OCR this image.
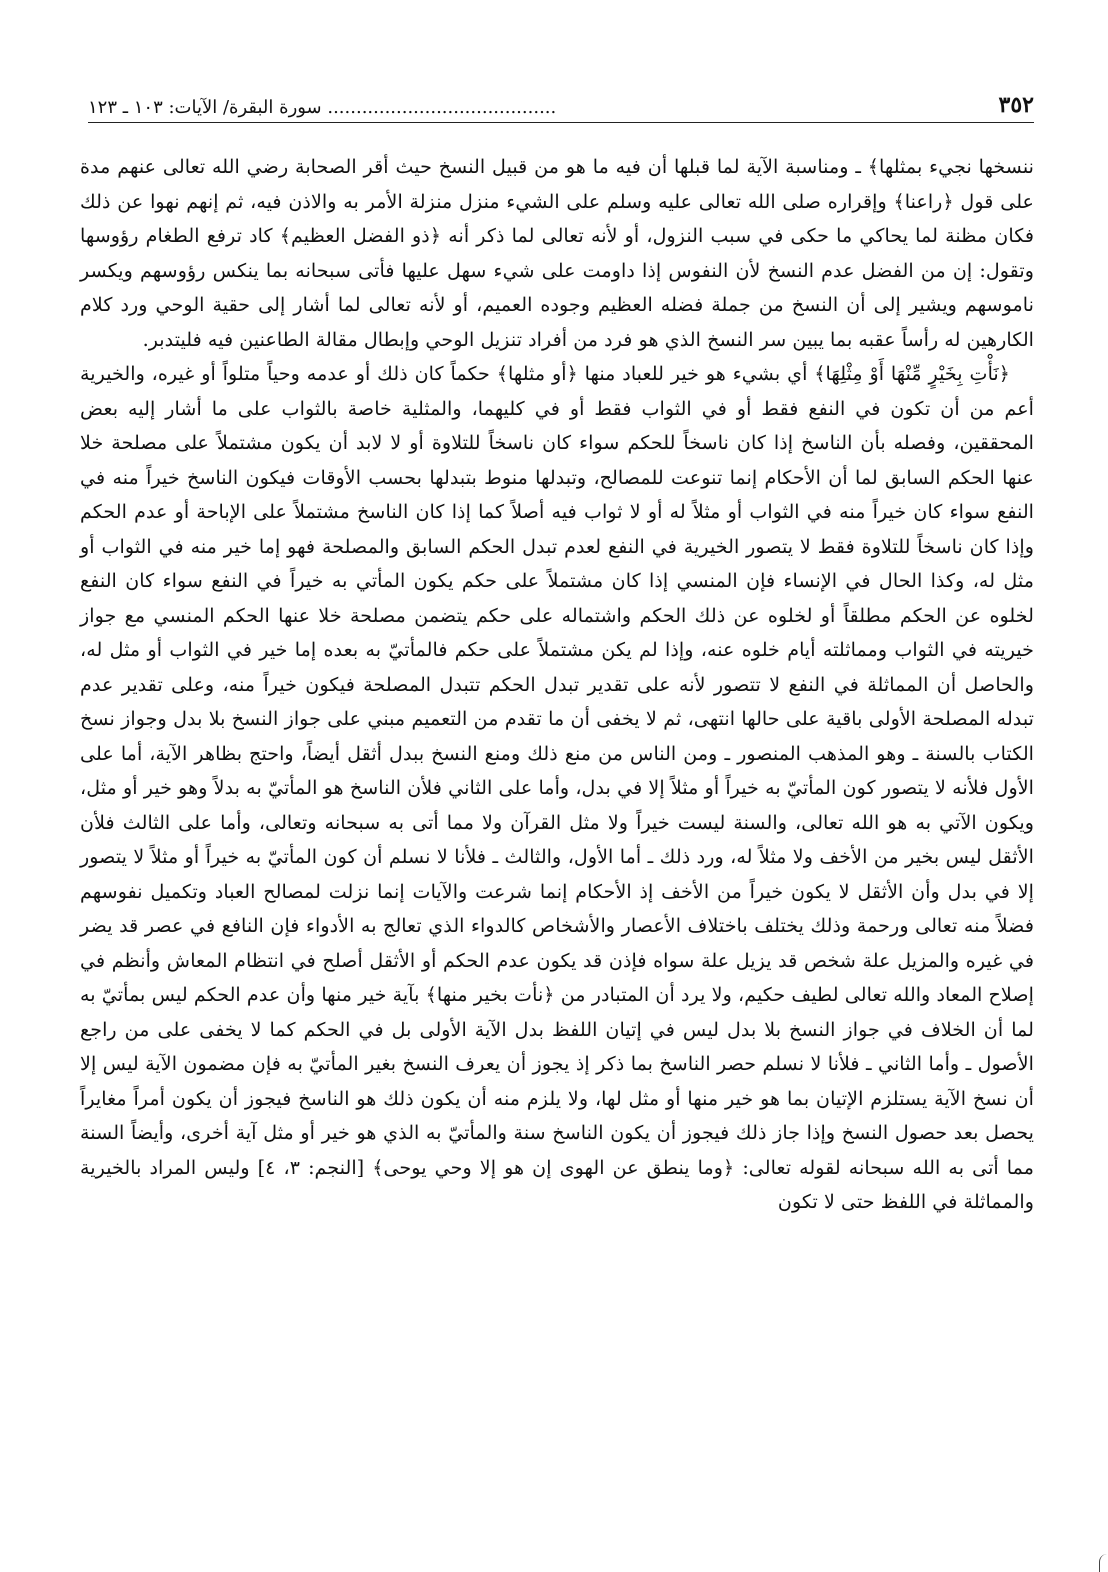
٣٥٢
........................................ سورة البقرة/ الآيات: ١٠٣ ـ ١٢٣

ننسخها نجيء بمثلها﴾ ـ ومناسبة الآية لما قبلها أن فيه ما هو من قبيل النسخ حيث أقر الصحابة رضي الله تعالى عنهم مدة على قول ﴿راعنا﴾ وإقراره صلى الله تعالى عليه وسلم على الشيء منزل منزلة الأمر به والاذن فيه، ثم إنهم نهوا عن ذلك فكان مظنة لما يحاكي ما حكى في سبب النزول، أو لأنه تعالى لما ذكر أنه ﴿ذو الفضل العظيم﴾ كاد ترفع الطغام رؤوسها وتقول: إن من الفضل عدم النسخ لأن النفوس إذا داومت على شيء سهل عليها فأتى سبحانه بما ينكس رؤوسهم ويكسر ناموسهم ويشير إلى أن النسخ من جملة فضله العظيم وجوده العميم، أو لأنه تعالى لما أشار إلى حقية الوحي ورد كلام الكارهين له رأساً عقبه بما يبين سر النسخ الذي هو فرد من أفراد تنزيل الوحي وإبطال مقالة الطاعنين فيه فليتدبر.

﴿نَأْتِ بِخَيْرٍ مِّنْهَا أَوْ مِثْلِهَا﴾ أي بشيء هو خير للعباد منها ﴿أو مثلها﴾ حكماً كان ذلك أو عدمه وحياً متلواً أو غيره، والخيرية أعم من أن تكون في النفع فقط أو في الثواب فقط أو في كليهما، والمثلية خاصة بالثواب على ما أشار إليه بعض المحققين، وفصله بأن الناسخ إذا كان ناسخاً للحكم سواء كان ناسخاً للتلاوة أو لا لابد أن يكون مشتملاً على مصلحة خلا عنها الحكم السابق لما أن الأحكام إنما تنوعت للمصالح، وتبدلها منوط بتبدلها بحسب الأوقات فيكون الناسخ خيراً منه في النفع سواء كان خيراً منه في الثواب أو مثلاً له أو لا ثواب فيه أصلاً كما إذا كان الناسخ مشتملاً على الإباحة أو عدم الحكم وإذا كان ناسخاً للتلاوة فقط لا يتصور الخيرية في النفع لعدم تبدل الحكم السابق والمصلحة فهو إما خير منه في الثواب أو مثل له، وكذا الحال في الإنساء فإن المنسي إذا كان مشتملاً على حكم يكون المأتي به خيراً في النفع سواء كان النفع لخلوه عن الحكم مطلقاً أو لخلوه عن ذلك الحكم واشتماله على حكم يتضمن مصلحة خلا عنها الحكم المنسي مع جواز خيريته في الثواب ومماثلته أيام خلوه عنه، وإذا لم يكن مشتملاً على حكم فالمأتيّ به بعده إما خير في الثواب أو مثل له، والحاصل أن المماثلة في النفع لا تتصور لأنه على تقدير تبدل الحكم تتبدل المصلحة فيكون خيراً منه، وعلى تقدير عدم تبدله المصلحة الأولى باقية على حالها انتهى، ثم لا يخفى أن ما تقدم من التعميم مبني على جواز النسخ بلا بدل وجواز نسخ الكتاب بالسنة ـ وهو المذهب المنصور ـ ومن الناس من منع ذلك ومنع النسخ ببدل أثقل أيضاً، واحتج بظاهر الآية، أما على الأول فلأنه لا يتصور كون المأتيّ به خيراً أو مثلاً إلا في بدل، وأما على الثاني فلأن الناسخ هو المأتيّ به بدلاً وهو خير أو مثل، ويكون الآتي به هو الله تعالى، والسنة ليست خيراً ولا مثل القرآن ولا مما أتى به سبحانه وتعالى، وأما على الثالث فلأن الأثقل ليس بخير من الأخف ولا مثلاً له، ورد ذلك ـ أما الأول، والثالث ـ فلأنا لا نسلم أن كون المأتيّ به خيراً أو مثلاً لا يتصور إلا في بدل وأن الأثقل لا يكون خيراً من الأخف إذ الأحكام إنما شرعت والآيات إنما نزلت لمصالح العباد وتكميل نفوسهم فضلاً منه تعالى ورحمة وذلك يختلف باختلاف الأعصار والأشخاص كالدواء الذي تعالج به الأدواء فإن النافع في عصر قد يضر في غيره والمزيل علة شخص قد يزيل علة سواه فإذن قد يكون عدم الحكم أو الأثقل أصلح في انتظام المعاش وأنظم في إصلاح المعاد والله تعالى لطيف حكيم، ولا يرد أن المتبادر من ﴿نأت بخير منها﴾ بآية خير منها وأن عدم الحكم ليس بمأتيّ به لما أن الخلاف في جواز النسخ بلا بدل ليس في إتيان اللفظ بدل الآية الأولى بل في الحكم كما لا يخفى على من راجع الأصول ـ وأما الثاني ـ فلأنا لا نسلم حصر الناسخ بما ذكر إذ يجوز أن يعرف النسخ بغير المأتيّ به فإن مضمون الآية ليس إلا أن نسخ الآية يستلزم الإتيان بما هو خير منها أو مثل لها، ولا يلزم منه أن يكون ذلك هو الناسخ فيجوز أن يكون أمراً مغايراً يحصل بعد حصول النسخ وإذا جاز ذلك فيجوز أن يكون الناسخ سنة والمأتيّ به الذي هو خير أو مثل آية أخرى، وأيضاً السنة مما أتى به الله سبحانه لقوله تعالى: ﴿وما ينطق عن الهوى إن هو إلا وحي يوحى﴾ [النجم: ٣، ٤] وليس المراد بالخيرية والمماثلة في اللفظ حتى لا تكون
